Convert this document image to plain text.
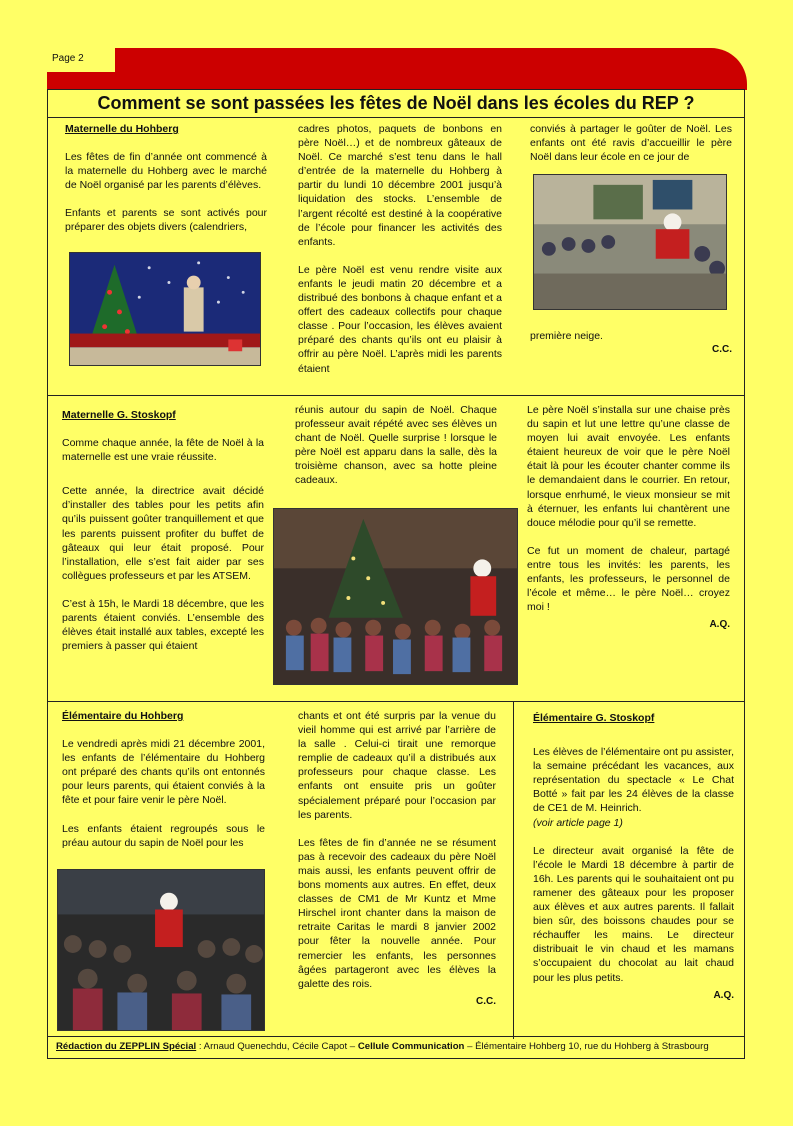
Page 2
Comment se sont passées les fêtes de Noël dans les écoles du REP ?
Maternelle du Hohberg

Les fêtes de fin d’année ont commencé à la maternelle du Hohberg avec le marché de Noël organisé par les parents d’élèves.

Enfants et parents se sont activés pour préparer des objets divers (calendriers,

cadres photos, paquets de bonbons en père Noël…) et de nombreux gâteaux de Noël. Ce marché s’est tenu dans le hall d’entrée de la maternelle du Hohberg à partir du lundi 10 décembre 2001 jusqu’à liquidation des stocks. L’ensemble de l’argent récolté est destiné à la coopérative de l’école pour financer les activités des enfants.

Le père Noël est venu rendre visite aux enfants le jeudi matin 20 décembre et a distribué des bonbons à chaque enfant et a offert des cadeaux collectifs pour chaque classe . Pour l’occasion, les élèves avaient préparé des chants qu’ils ont eu plaisir à offrir au père Noël. L’après midi les parents étaient

conviés à partager le goûter de Noël. Les enfants ont été ravis d’accueillir le père Noël dans leur école en ce jour de

première neige.

C.C.
Maternelle G. Stoskopf

Comme chaque année, la fête de Noël à la maternelle est une vraie réussite.

Cette année, la directrice avait décidé d’installer des tables pour les petits afin qu’ils puissent goûter tranquillement et que les parents puissent profiter du buffet de gâteaux qui leur était proposé. Pour l’installation, elle s’est fait aider par ses collègues professeurs et par les ATSEM.

C’est à 15h, le Mardi 18 décembre, que les parents étaient conviés. L’ensemble des élèves était installé aux tables, excepté les premiers à passer qui étaient

réunis autour du sapin de Noël. Chaque professeur avait répété avec ses élèves un chant de Noël. Quelle surprise ! lorsque le père Noël est apparu dans la salle, dès la troisième chanson, avec sa hotte pleine cadeaux.

Le père Noël s’installa sur une chaise près du sapin et lut une lettre qu’une classe de moyen lui avait envoyée. Les enfants étaient heureux de voir que le père Noël était là pour les écouter chanter comme ils le demandaient dans le courrier. En retour, lorsque enrhumé, le vieux monsieur se mit à éternuer, les enfants lui chantèrent une douce mélodie pour qu’il se remette.

Ce fut un moment de chaleur, partagé entre tous les invités: les parents, les enfants, les professeurs, le personnel de l’école et même… le père Noël… croyez moi !

A.Q.
Élémentaire du Hohberg

Le vendredi après midi 21 décembre 2001, les enfants de l’élémentaire du Hohberg ont préparé des chants qu’ils ont entonnés pour leurs parents, qui étaient conviés à la fête et pour faire venir le père Noël.

Les enfants étaient regroupés sous le préau autour du sapin de Noël pour les

chants et ont été surpris par la venue du vieil homme qui est arrivé par l’arrière de la salle . Celui-ci tirait une remorque remplie de cadeaux qu’il a distribués aux professeurs pour chaque classe. Les enfants ont ensuite pris un goûter spécialement préparé pour l’occasion par les parents.

Les fêtes de fin d’année ne se résument pas à recevoir des cadeaux du père Noël mais aussi, les enfants peuvent offrir de bons moments aux autres. En effet, deux classes de CM1 de Mr Kuntz et Mme Hirschel iront chanter dans la maison de retraite Caritas le mardi 8 janvier 2002 pour fêter la nouvelle année. Pour remercier les enfants, les personnes âgées partageront avec les élèves la galette des rois.

C.C.
Élémentaire G. Stoskopf

Les élèves de l’élémentaire ont pu assister, la semaine précédant les vacances, aux représentation du spectacle « Le Chat Botté » fait par les 24 élèves de la classe de CE1 de M. Heinrich.

(voir article page 1)

Le directeur avait organisé la fête de l’école le Mardi 18 décembre à partir de 16h. Les parents qui le souhaitaient ont pu ramener des gâteaux pour les proposer aux élèves et aux autres parents. Il fallait bien sûr, des boissons chaudes pour se réchauffer les mains. Le directeur distribuait le vin chaud et les mamans s’occupaient du chocolat au lait chaud pour les plus petits.

A.Q.
Rédaction du ZEPPLIN Spécial : Arnaud Quenechdu, Cécile Capot – Cellule Communication – Élémentaire Hohberg 10, rue du Hohberg à Strasbourg
